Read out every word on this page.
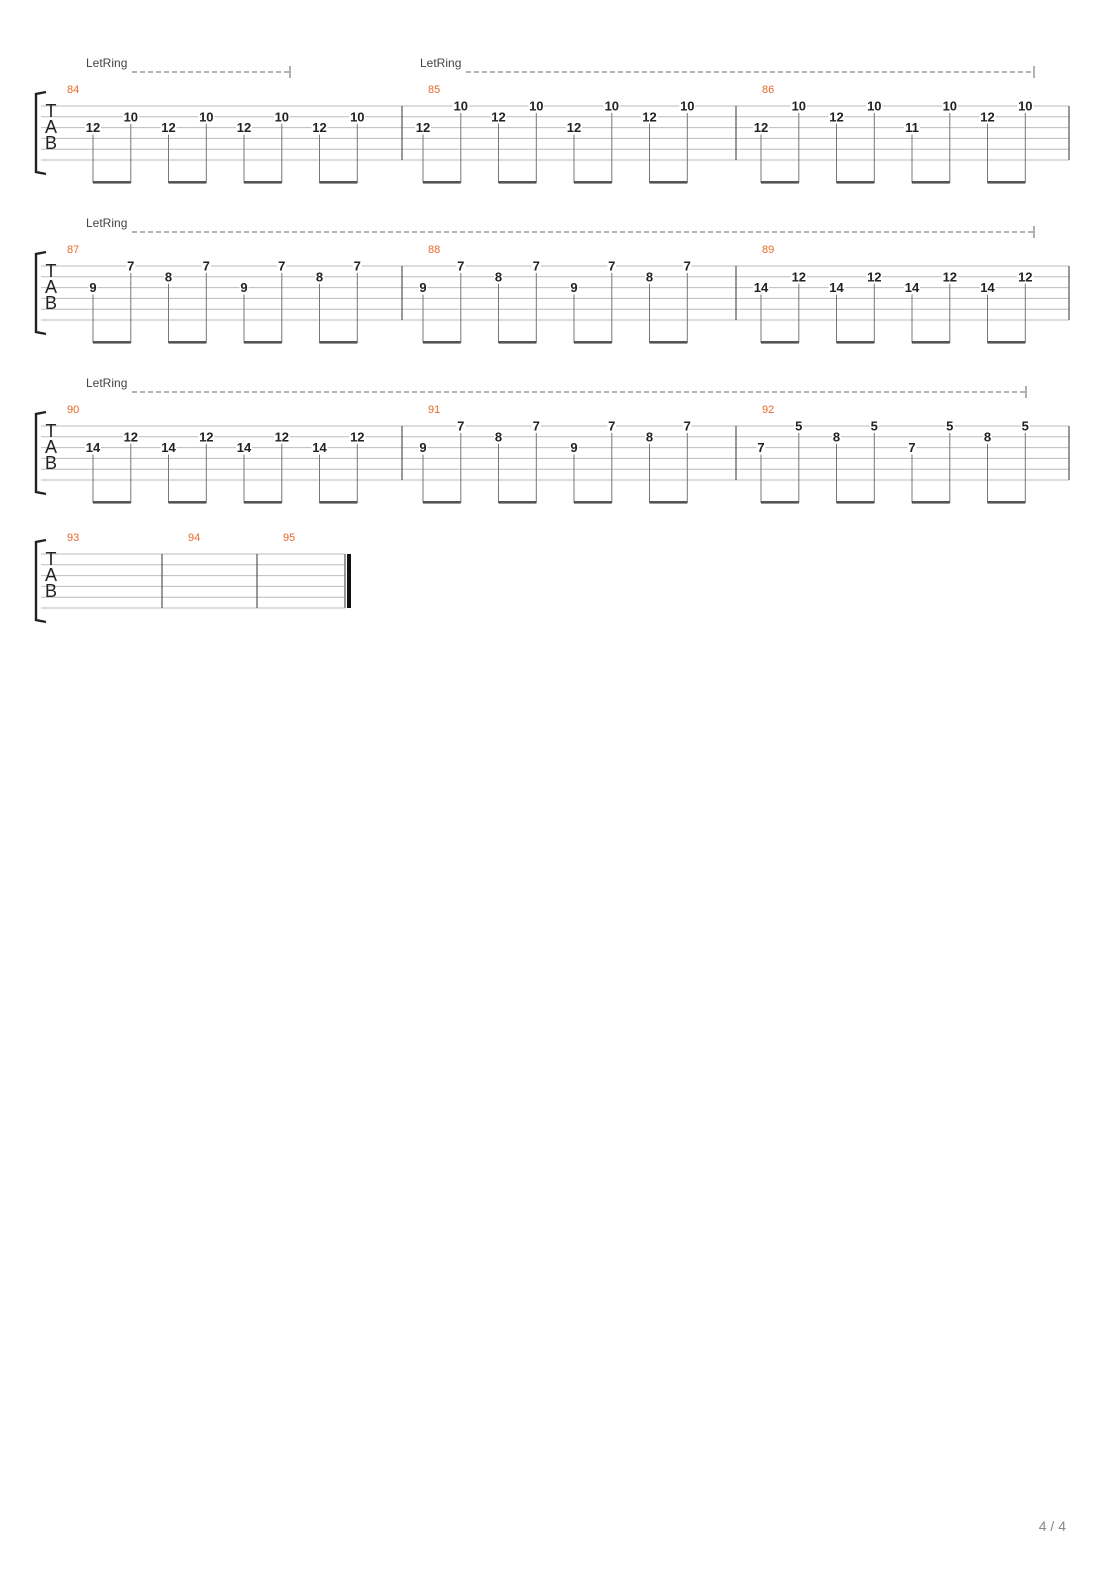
T
A
B
84
12
10
12
10
12
10
12
10
85
12
10
12
10
12
10
12
10
86
12
10
12
10
11
10
12
10
LetRing	LetRing
T
A
B
87
9
7
8
7
9
7
8
7
88
9
7
8
7
9
7
8
7
89
14
12
14
12
14
12
14
12
LetRing
T
A
B
90
14
12
14
12
14
12
14
12
91
9
7
8
7
9
7
8
7
92
7
5
8
5
7
5
8
5
LetRing
T
A
B
93	94	95
4 / 4
